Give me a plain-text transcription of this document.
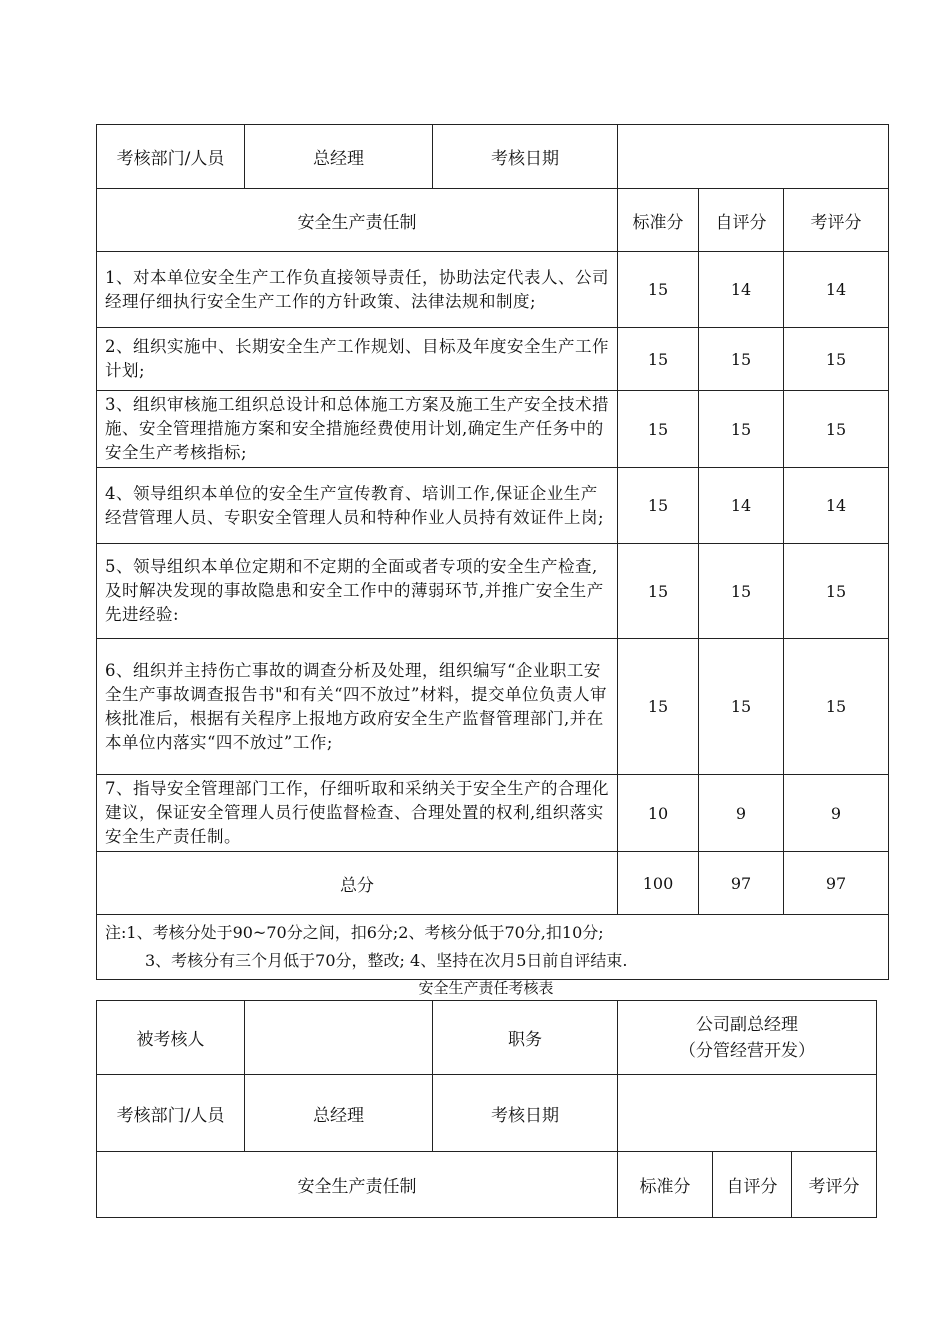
考核部门/人员	总经理	考核日期			
安全生产责任制			标准分	自评分	考评分
1、对本单位安全生产工作负直接领导责任，协助法定代表人、公司经理仔细执行安全生产工作的方针政策、法律法规和制度;			15	14	14
2、组织实施中、长期安全生产工作规划、目标及年度安全生产工作计划;			15	15	15
3、组织审核施工组织总设计和总体施工方案及施工生产安全技术措施、安全管理措施方案和安全措施经费使用计划,确定生产任务中的安全生产考核指标;			15	15	15
4、领导组织本单位的安全生产宣传教育、培训工作,保证企业生产经营管理人员、专职安全管理人员和特种作业人员持有效证件上岗;			15	14	14
5、领导组织本单位定期和不定期的全面或者专项的安全生产检查,及时解决发现的事故隐患和安全工作中的薄弱环节,并推广安全生产先进经验:			15	15	15
6、组织并主持伤亡事故的调查分析及处理，组织编写“企业职工安全生产事故调查报告书"和有关“四不放过”材料，提交单位负责人审核批准后，根据有关程序上报地方政府安全生产监督管理部门,并在本单位内落实“四不放过”工作;			15	15	15
7、指导安全管理部门工作，仔细听取和采纳关于安全生产的合理化建议，保证安全管理人员行使监督检查、合理处置的权利,组织落实安全生产责任制。			10	9	9
总分			100	97	97
注:1、考核分处于90~70分之间，扣6分;2、考核分低于70分,扣10分;

3、考核分有三个月低于70分，整改; 4、坚持在次月5日前自评结束.					
安全生产责任考核表
被考核人		职务	公司副总经理
（分管经营开发）		
考核部门/人员	总经理	考核日期			
安全生产责任制			标准分	自评分	考评分
